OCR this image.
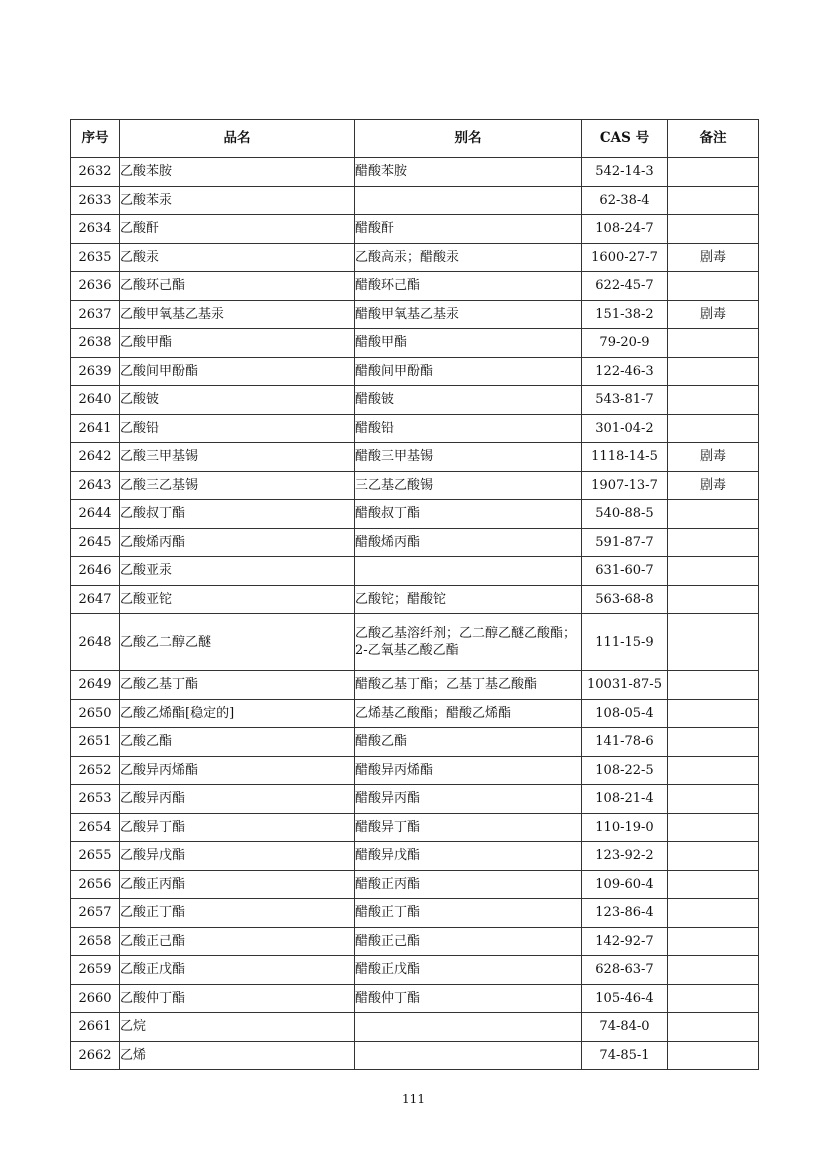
序号	品名	别名	CAS 号	备注
2632	乙酸苯胺	醋酸苯胺	542-14-3	
2633	乙酸苯汞		62-38-4	
2634	乙酸酐	醋酸酐	108-24-7	
2635	乙酸汞	乙酸高汞；醋酸汞	1600-27-7	剧毒
2636	乙酸环己酯	醋酸环己酯	622-45-7	
2637	乙酸甲氧基乙基汞	醋酸甲氧基乙基汞	151-38-2	剧毒
2638	乙酸甲酯	醋酸甲酯	79-20-9	
2639	乙酸间甲酚酯	醋酸间甲酚酯	122-46-3	
2640	乙酸铍	醋酸铍	543-81-7	
2641	乙酸铅	醋酸铅	301-04-2	
2642	乙酸三甲基锡	醋酸三甲基锡	1118-14-5	剧毒
2643	乙酸三乙基锡	三乙基乙酸锡	1907-13-7	剧毒
2644	乙酸叔丁酯	醋酸叔丁酯	540-88-5	
2645	乙酸烯丙酯	醋酸烯丙酯	591-87-7	
2646	乙酸亚汞		631-60-7	
2647	乙酸亚铊	乙酸铊；醋酸铊	563-68-8	
2648	乙酸乙二醇乙醚	乙酸乙基溶纤剂；乙二醇乙醚乙酸酯；2-乙氧基乙酸乙酯	111-15-9	
2649	乙酸乙基丁酯	醋酸乙基丁酯；乙基丁基乙酸酯	10031-87-5	
2650	乙酸乙烯酯[稳定的]	乙烯基乙酸酯；醋酸乙烯酯	108-05-4	
2651	乙酸乙酯	醋酸乙酯	141-78-6	
2652	乙酸异丙烯酯	醋酸异丙烯酯	108-22-5	
2653	乙酸异丙酯	醋酸异丙酯	108-21-4	
2654	乙酸异丁酯	醋酸异丁酯	110-19-0	
2655	乙酸异戊酯	醋酸异戊酯	123-92-2	
2656	乙酸正丙酯	醋酸正丙酯	109-60-4	
2657	乙酸正丁酯	醋酸正丁酯	123-86-4	
2658	乙酸正己酯	醋酸正己酯	142-92-7	
2659	乙酸正戊酯	醋酸正戊酯	628-63-7	
2660	乙酸仲丁酯	醋酸仲丁酯	105-46-4	
2661	乙烷		74-84-0	
2662	乙烯		74-85-1	
111
